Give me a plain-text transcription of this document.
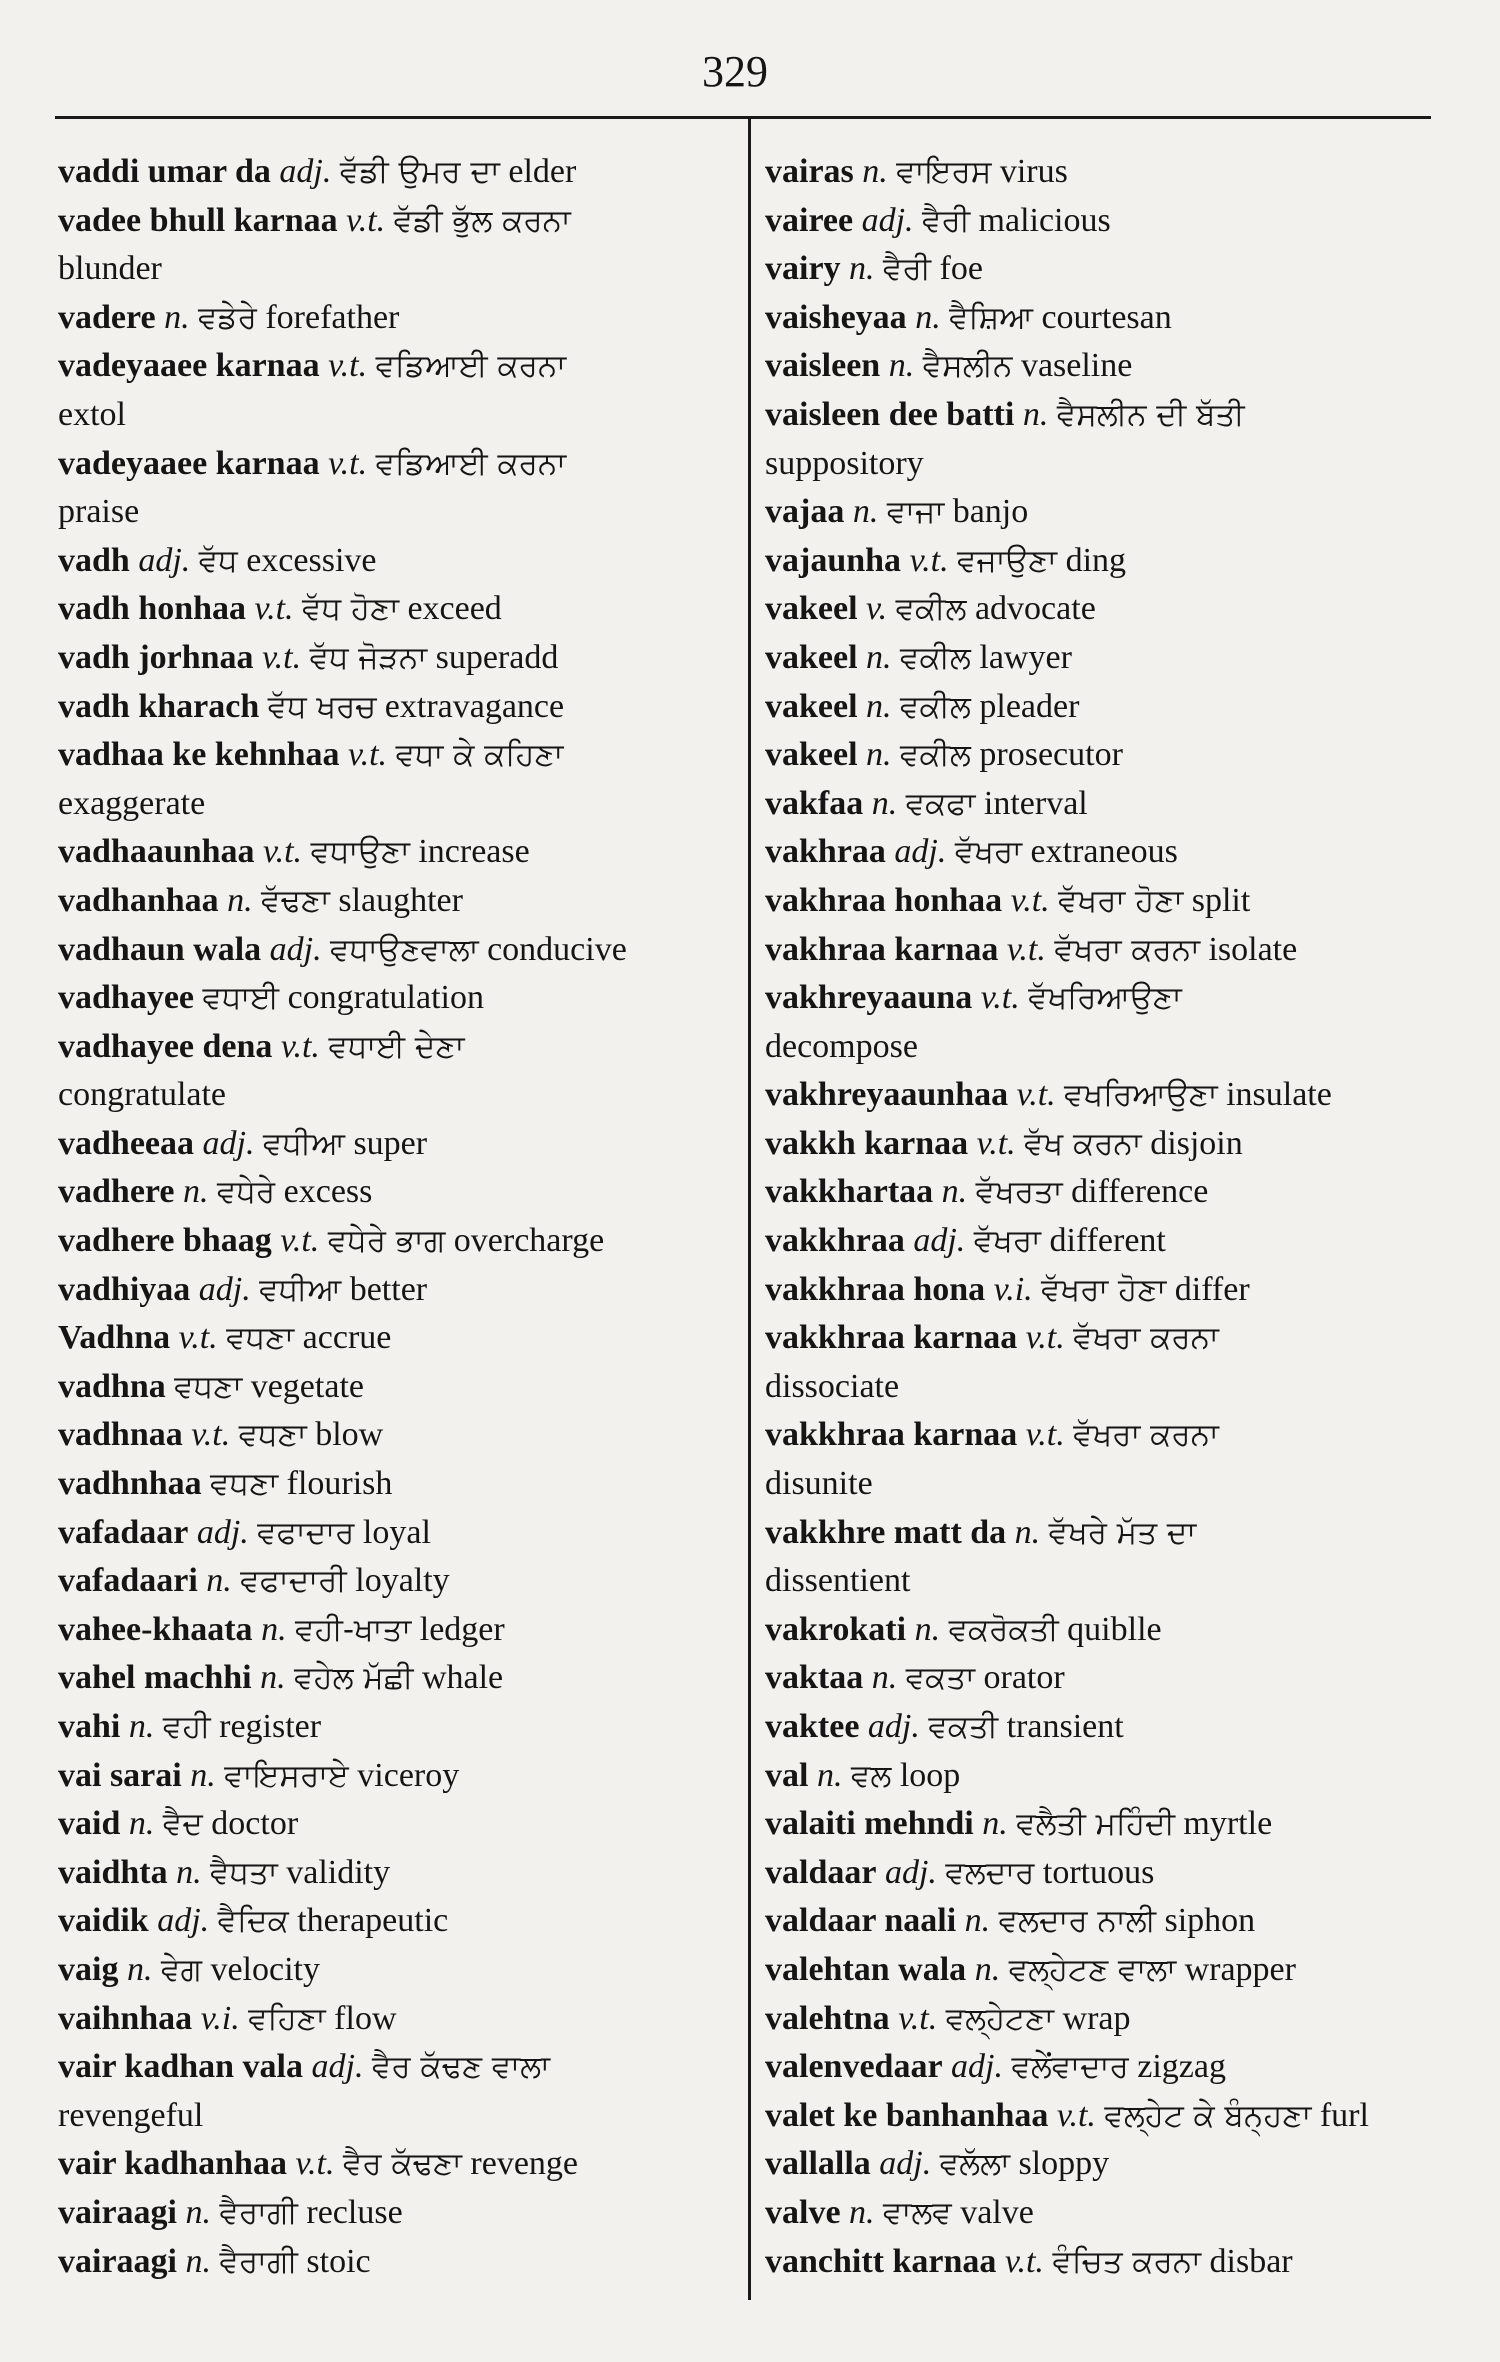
329
vaddi umar da adj. ਵੱਡੀ ਉਮਰ ਦਾ elder
vadee bhull karnaa v.t. ਵੱਡੀ ਭੁੱਲ ਕਰਨਾ
blunder
vadere n. ਵਡੇਰੇ forefather
vadeyaaee karnaa v.t. ਵਡਿਆਈ ਕਰਨਾ
extol
vadeyaaee karnaa v.t. ਵਡਿਆਈ ਕਰਨਾ
praise
vadh adj. ਵੱਧ excessive
vadh honhaa v.t. ਵੱਧ ਹੋਣਾ exceed
vadh jorhnaa v.t. ਵੱਧ ਜੋੜਨਾ superadd
vadh kharach ਵੱਧ ਖਰਚ extravagance
vadhaa ke kehnhaa v.t. ਵਧਾ ਕੇ ਕਹਿਣਾ
exaggerate
vadhaaunhaa v.t. ਵਧਾਉਣਾ increase
vadhanhaa n. ਵੱਢਣਾ slaughter
vadhaun wala adj. ਵਧਾਉਣਵਾਲਾ conducive
vadhayee ਵਧਾਈ congratulation
vadhayee dena v.t. ਵਧਾਈ ਦੇਣਾ
congratulate
vadheeaa adj. ਵਧੀਆ super
vadhere n. ਵਧੇਰੇ excess
vadhere bhaag v.t. ਵਧੇਰੇ ਭਾਗ overcharge
vadhiyaa adj. ਵਧੀਆ better
Vadhna v.t. ਵਧਣਾ accrue
vadhna ਵਧਣਾ vegetate
vadhnaa v.t. ਵਧਣਾ blow
vadhnhaa ਵਧਣਾ flourish
vafadaar adj. ਵਫਾਦਾਰ loyal
vafadaari n. ਵਫਾਦਾਰੀ loyalty
vahee-khaata n. ਵਹੀ-ਖਾਤਾ ledger
vahel machhi n. ਵਹੇਲ ਮੱਛੀ whale
vahi n. ਵਹੀ register
vai sarai n. ਵਾਇਸਰਾਏ viceroy
vaid n. ਵੈਦ doctor
vaidhta n. ਵੈਧਤਾ validity
vaidik adj. ਵੈਦਿਕ therapeutic
vaig n. ਵੇਗ velocity
vaihnhaa v.i. ਵਹਿਣਾ flow
vair kadhan vala adj. ਵੈਰ ਕੱਢਣ ਵਾਲਾ
revengeful
vair kadhanhaa v.t. ਵੈਰ ਕੱਢਣਾ revenge
vairaagi n. ਵੈਰਾਗੀ recluse
vairaagi n. ਵੈਰਾਗੀ stoic
vairas n. ਵਾਇਰਸ virus
vairee adj. ਵੈਰੀ malicious
vairy n. ਵੈਰੀ foe
vaisheyaa n. ਵੈਸ਼ਿਆ courtesan
vaisleen n. ਵੈਸਲੀਨ vaseline
vaisleen dee batti n. ਵੈਸਲੀਨ ਦੀ ਬੱਤੀ
suppository
vajaa n. ਵਾਜਾ banjo
vajaunha v.t. ਵਜਾਉਣਾ ding
vakeel v. ਵਕੀਲ advocate
vakeel n. ਵਕੀਲ lawyer
vakeel n. ਵਕੀਲ pleader
vakeel n. ਵਕੀਲ prosecutor
vakfaa n. ਵਕਫਾ interval
vakhraa adj. ਵੱਖਰਾ extraneous
vakhraa honhaa v.t. ਵੱਖਰਾ ਹੋਣਾ split
vakhraa karnaa v.t. ਵੱਖਰਾ ਕਰਨਾ isolate
vakhreyaauna v.t. ਵੱਖਰਿਆਉਣਾ
decompose
vakhreyaaunhaa v.t. ਵਖਰਿਆਉਣਾ insulate
vakkh karnaa v.t. ਵੱਖ ਕਰਨਾ disjoin
vakkhartaa n. ਵੱਖਰਤਾ difference
vakkhraa adj. ਵੱਖਰਾ different
vakkhraa hona v.i. ਵੱਖਰਾ ਹੋਣਾ differ
vakkhraa karnaa v.t. ਵੱਖਰਾ ਕਰਨਾ
dissociate
vakkhraa karnaa v.t. ਵੱਖਰਾ ਕਰਨਾ
disunite
vakkhre matt da n. ਵੱਖਰੇ ਮੱਤ ਦਾ
dissentient
vakrokati n. ਵਕਰੋਕਤੀ quiblle
vaktaa n. ਵਕਤਾ orator
vaktee adj. ਵਕਤੀ transient
val n. ਵਲ loop
valaiti mehndi n. ਵਲੈਤੀ ਮਹਿੰਦੀ myrtle
valdaar adj. ਵਲਦਾਰ tortuous
valdaar naali n. ਵਲਦਾਰ ਨਾਲੀ siphon
valehtan wala n. ਵਲ੍ਹੇਟਣ ਵਾਲਾ wrapper
valehtna v.t. ਵਲ੍ਹੇਟਣਾ wrap
valenvedaar adj. ਵਲੇਂਵਾਦਾਰ zigzag
valet ke banhanhaa v.t. ਵਲ੍ਹੇਟ ਕੇ ਬੰਨ੍ਹਣਾ furl
vallalla adj. ਵਲੱਲਾ sloppy
valve n. ਵਾਲਵ valve
vanchitt karnaa v.t. ਵੰਚਿਤ ਕਰਨਾ disbar
